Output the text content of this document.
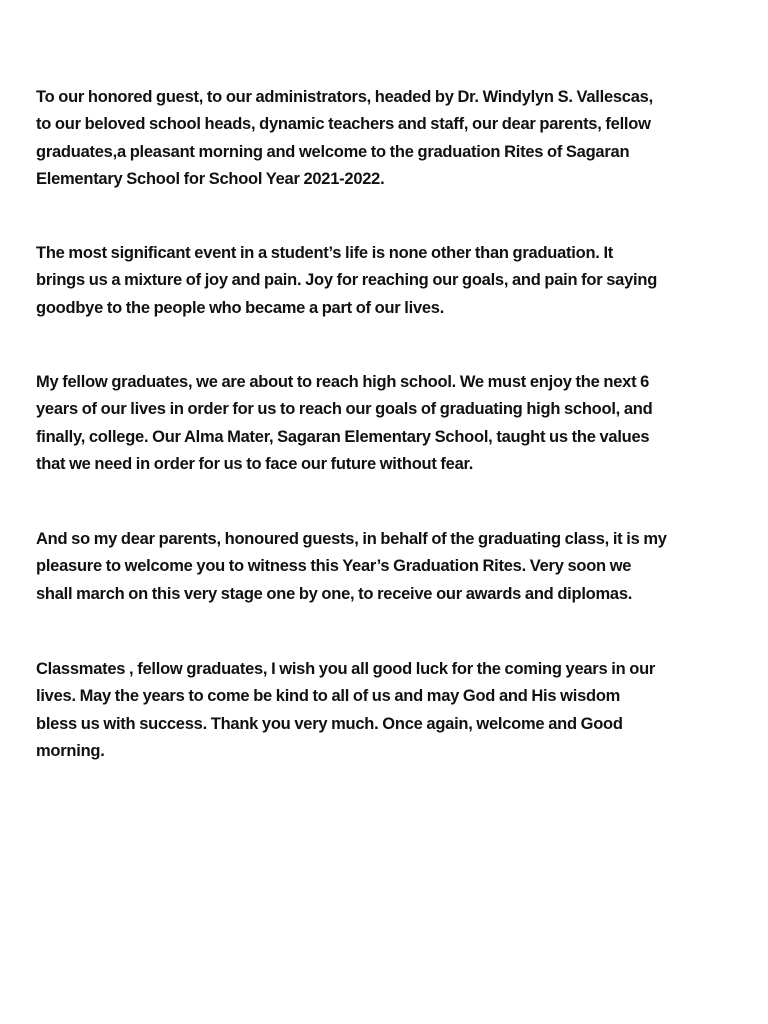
To our honored guest, to our administrators, headed by Dr. Windylyn S. Vallescas,
to our beloved school heads, dynamic teachers and staff, our dear parents, fellow
graduates,a pleasant morning and welcome to the graduation Rites of Sagaran
Elementary School for School Year 2021-2022.

The most significant event in a student’s life is none other than graduation. It
brings us a mixture of joy and pain. Joy for reaching our goals, and pain for saying
goodbye to the people who became a part of our lives.

My fellow graduates, we are about to reach high school. We must enjoy the next 6
years of our lives in order for us to reach our goals of graduating high school, and
finally, college. Our Alma Mater, Sagaran Elementary School, taught us the values
that we need in order for us to face our future without fear.

And so my dear parents, honoured guests, in behalf of the graduating class, it is my
pleasure to welcome you to witness this Year’s Graduation Rites. Very soon we
shall march on this very stage one by one, to receive our awards and diplomas.

Classmates , fellow graduates, I wish you all good luck for the coming years in our
lives. May the years to come be kind to all of us and may God and His wisdom
bless us with success. Thank you very much. Once again, welcome and Good
morning.
